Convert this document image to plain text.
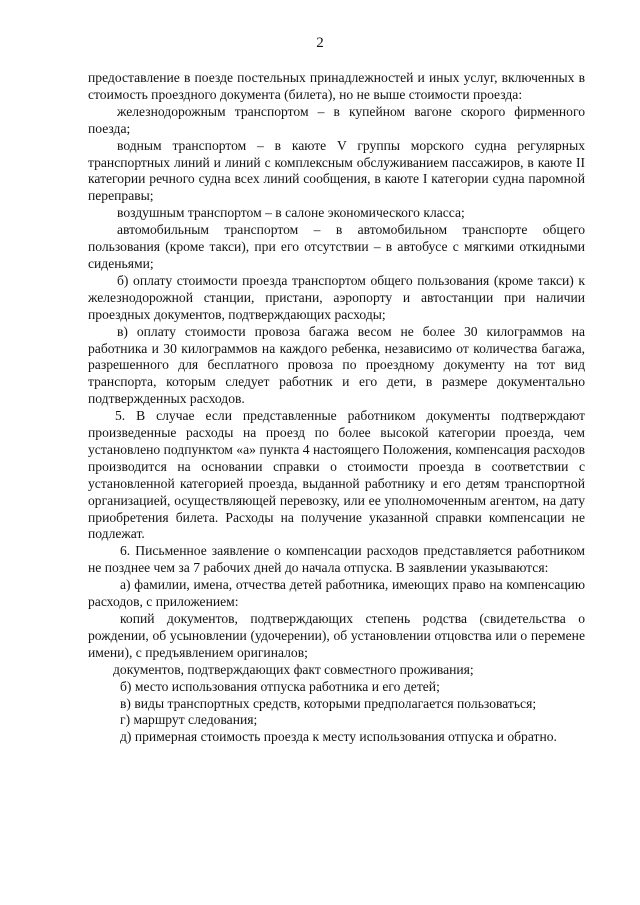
2

предоставление в поезде постельных принадлежностей и иных услуг, включенных в стоимость проездного документа (билета), но не выше стоимости проезда:

железнодорожным транспортом – в купейном вагоне скорого фирменного поезда;

водным транспортом – в каюте V группы морского судна регулярных транспортных линий и линий с комплексным обслуживанием пассажиров, в каюте II категории речного судна всех линий сообщения, в каюте I категории судна паромной переправы;

воздушным транспортом – в салоне экономического класса;

автомобильным транспортом – в автомобильном транспорте общего пользования (кроме такси), при его отсутствии – в автобусе с мягкими откидными сиденьями;

б) оплату стоимости проезда транспортом общего пользования (кроме такси) к железнодорожной станции, пристани, аэропорту и автостанции при наличии проездных документов, подтверждающих расходы;

в) оплату стоимости провоза багажа весом не более 30 килограммов на работника и 30 килограммов на каждого ребенка, независимо от количества багажа, разрешенного для бесплатного провоза по проездному документу на тот вид транспорта, которым следует работник и его дети, в размере документально подтвержденных расходов.

5. В случае если представленные работником документы подтверждают произведенные расходы на проезд по более высокой категории проезда, чем установлено подпунктом «а» пункта 4 настоящего Положения, компенсация расходов производится на основании справки о стоимости проезда в соответствии с установленной категорией проезда, выданной работнику и его детям транспортной организацией, осуществляющей перевозку, или ее уполномоченным агентом, на дату приобретения билета. Расходы на получение указанной справки компенсации не подлежат.

6. Письменное заявление о компенсации расходов представляется работником не позднее чем за 7 рабочих дней до начала отпуска. В заявлении указываются:

а) фамилии, имена, отчества детей работника, имеющих право на компенсацию расходов, с приложением:

копий документов, подтверждающих степень родства (свидетельства о рождении, об усыновлении (удочерении), об установлении отцовства или о перемене имени), с предъявлением оригиналов;

документов, подтверждающих факт совместного проживания;

б) место использования отпуска работника и его детей;

в) виды транспортных средств, которыми предполагается пользоваться;

г) маршрут следования;

д) примерная стоимость проезда к месту использования отпуска и обратно.
